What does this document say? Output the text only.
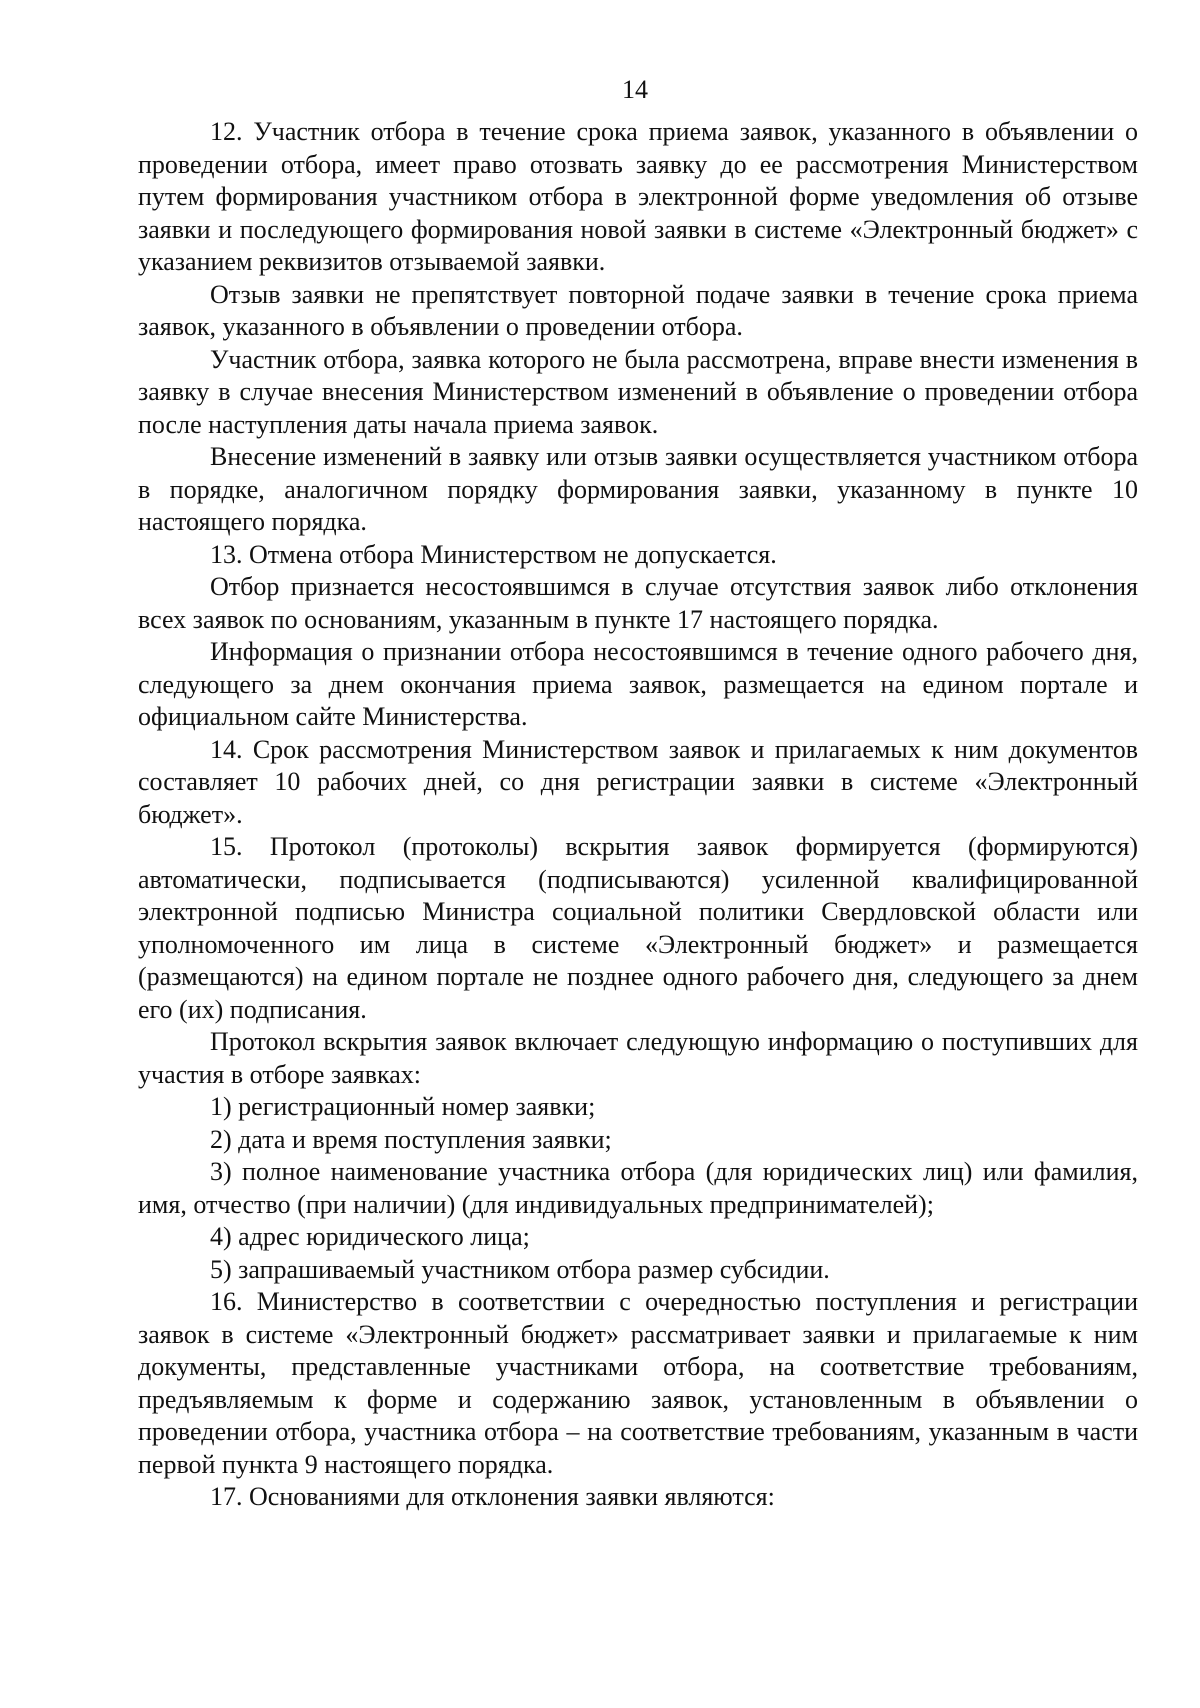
14

12. Участник отбора в течение срока приема заявок, указанного в объявлении о проведении отбора, имеет право отозвать заявку до ее рассмотрения Министерством путем формирования участником отбора в электронной форме уведомления об отзыве заявки и последующего формирования новой заявки в системе «Электронный бюджет» с указанием реквизитов отзываемой заявки.

Отзыв заявки не препятствует повторной подаче заявки в течение срока приема заявок, указанного в объявлении о проведении отбора.

Участник отбора, заявка которого не была рассмотрена, вправе внести изменения в заявку в случае внесения Министерством изменений в объявление о проведении отбора после наступления даты начала приема заявок.

Внесение изменений в заявку или отзыв заявки осуществляется участником отбора в порядке, аналогичном порядку формирования заявки, указанному в пункте 10 настоящего порядка.

13. Отмена отбора Министерством не допускается.

Отбор признается несостоявшимся в случае отсутствия заявок либо отклонения всех заявок по основаниям, указанным в пункте 17 настоящего порядка.

Информация о признании отбора несостоявшимся в течение одного рабочего дня, следующего за днем окончания приема заявок, размещается на едином портале и официальном сайте Министерства.

14. Срок рассмотрения Министерством заявок и прилагаемых к ним документов составляет 10 рабочих дней, со дня регистрации заявки в системе «Электронный бюджет».

15. Протокол (протоколы) вскрытия заявок формируется (формируются) автоматически, подписывается (подписываются) усиленной квалифицированной электронной подписью Министра социальной политики Свердловской области или уполномоченного им лица в системе «Электронный бюджет» и размещается (размещаются) на едином портале не позднее одного рабочего дня, следующего за днем его (их) подписания.

Протокол вскрытия заявок включает следующую информацию о поступивших для участия в отборе заявках:

1) регистрационный номер заявки;

2) дата и время поступления заявки;

3) полное наименование участника отбора (для юридических лиц) или фамилия, имя, отчество (при наличии) (для индивидуальных предпринимателей);

4) адрес юридического лица;

5) запрашиваемый участником отбора размер субсидии.

16. Министерство в соответствии с очередностью поступления и регистрации заявок в системе «Электронный бюджет» рассматривает заявки и прилагаемые к ним документы, представленные участниками отбора, на соответствие требованиям, предъявляемым к форме и содержанию заявок, установленным в объявлении о проведении отбора, участника отбора – на соответствие требованиям, указанным в части первой пункта 9 настоящего порядка.

17. Основаниями для отклонения заявки являются:
